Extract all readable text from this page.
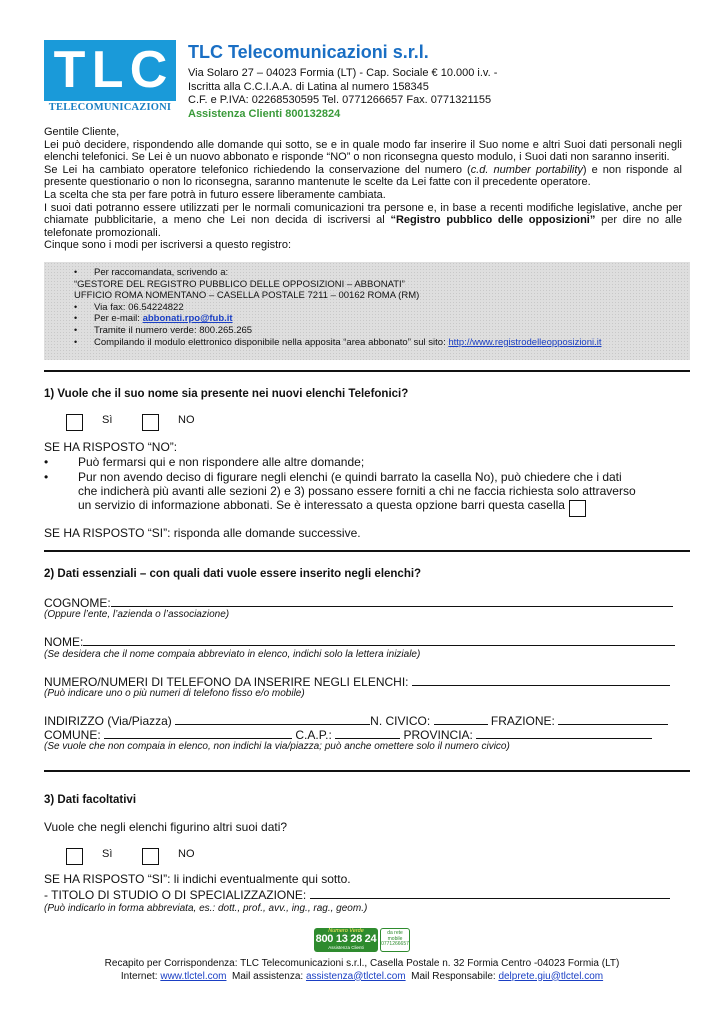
T L C
TELECOMUNICAZIONI
TLC Telecomunicazioni s.r.l.
Via Solaro 27 – 04023 Formia (LT) - Cap. Sociale € 10.000 i.v. -
Iscritta alla C.C.I.A.A. di Latina al numero 158345
C.F. e P.IVA: 02268530595 Tel. 0771266657 Fax. 0771321155
Assistenza Clienti 800132824

Gentile Cliente,

Lei può decidere, rispondendo alle domande qui sotto, se e in quale modo far inserire il Suo nome e altri Suoi dati personali negli elenchi telefonici. Se Lei è un nuovo abbonato e risponde “NO” o non riconsegna questo modulo, i Suoi dati non saranno inseriti.

Se Lei ha cambiato operatore telefonico richiedendo la conservazione del numero (c.d. number portability) e non risponde al presente questionario o non lo riconsegna, saranno mantenute le scelte da Lei fatte con il precedente operatore.

La scelta che sta per fare potrà in futuro essere liberamente cambiata.

I suoi dati potranno essere utilizzati per le normali comunicazioni tra persone e, in base a recenti modifiche legislative, anche per chiamate pubblicitarie, a meno che Lei non decida di iscriversi al “Registro pubblico delle opposizioni” per dire no alle telefonate promozionali.

Cinque sono i modi per iscriversi a questo registro:

• Per raccomandata, scrivendo a:
“GESTORE DEL REGISTRO PUBBLICO DELLE OPPOSIZIONI – ABBONATI”
UFFICIO ROMA NOMENTANO – CASELLA POSTALE 7211 – 00162 ROMA (RM)
• Via fax: 06.54224822
• Per e-mail: abbonati.rpo@fub.it
• Tramite il numero verde: 800.265.265
• Compilando il modulo elettronico disponibile nella apposita “area abbonato” sul sito: http://www.registrodelleopposizioni.it
1) Vuole che il suo nome sia presente nei nuovi elenchi Telefonici?
Sì	NO
SE HA RISPOSTO “NO”:
• Può fermarsi qui e non rispondere alle altre domande;
• Pur non avendo deciso di figurare negli elenchi (e quindi barrato la casella No), può chiedere che i dati che indicherà più avanti alle sezioni 2) e 3) possano essere forniti a chi ne faccia richiesta solo attraverso un servizio di informazione abbonati. Se è interessato a questa opzione barri questa casella
SE HA RISPOSTO “SI”: risponda alle domande successive.
2) Dati essenziali – con quali dati vuole essere inserito negli elenchi?
COGNOME:
(Oppure l’ente, l’azienda o l’associazione)
NOME:
(Se desidera che il nome compaia abbreviato in elenco, indichi solo la lettera iniziale)
NUMERO/NUMERI DI TELEFONO DA INSERIRE NEGLI ELENCHI:
(Può indicare uno o più numeri di telefono fisso e/o mobile)
INDIRIZZO (Via/Piazza)	N. CIVICO:	FRAZIONE:
COMUNE:	C.A.P.:	PROVINCIA:
(Se vuole che non compaia in elenco, non indichi la via/piazza; può anche omettere solo il numero civico)
3) Dati facoltativi
Vuole che negli elenchi figurino altri suoi dati?
Sì	NO
SE HA RISPOSTO “SI”: li indichi eventualmente qui sotto.
- TITOLO DI STUDIO O DI SPECIALIZZAZIONE:
(Può indicarlo in forma abbreviata, es.: dott., prof., avv., ing., rag., geom.)
Numero Verde
800 13 28 24
Assistenza Clienti
da rete mobile 0771266657
Recapito per Corrispondenza: TLC Telecomunicazioni s.r.l., Casella Postale n. 32 Formia Centro -04023 Formia (LT)
Internet: www.tlctel.com  Mail assistenza: assistenza@tlctel.com  Mail Responsabile: delprete.giu@tlctel.com
